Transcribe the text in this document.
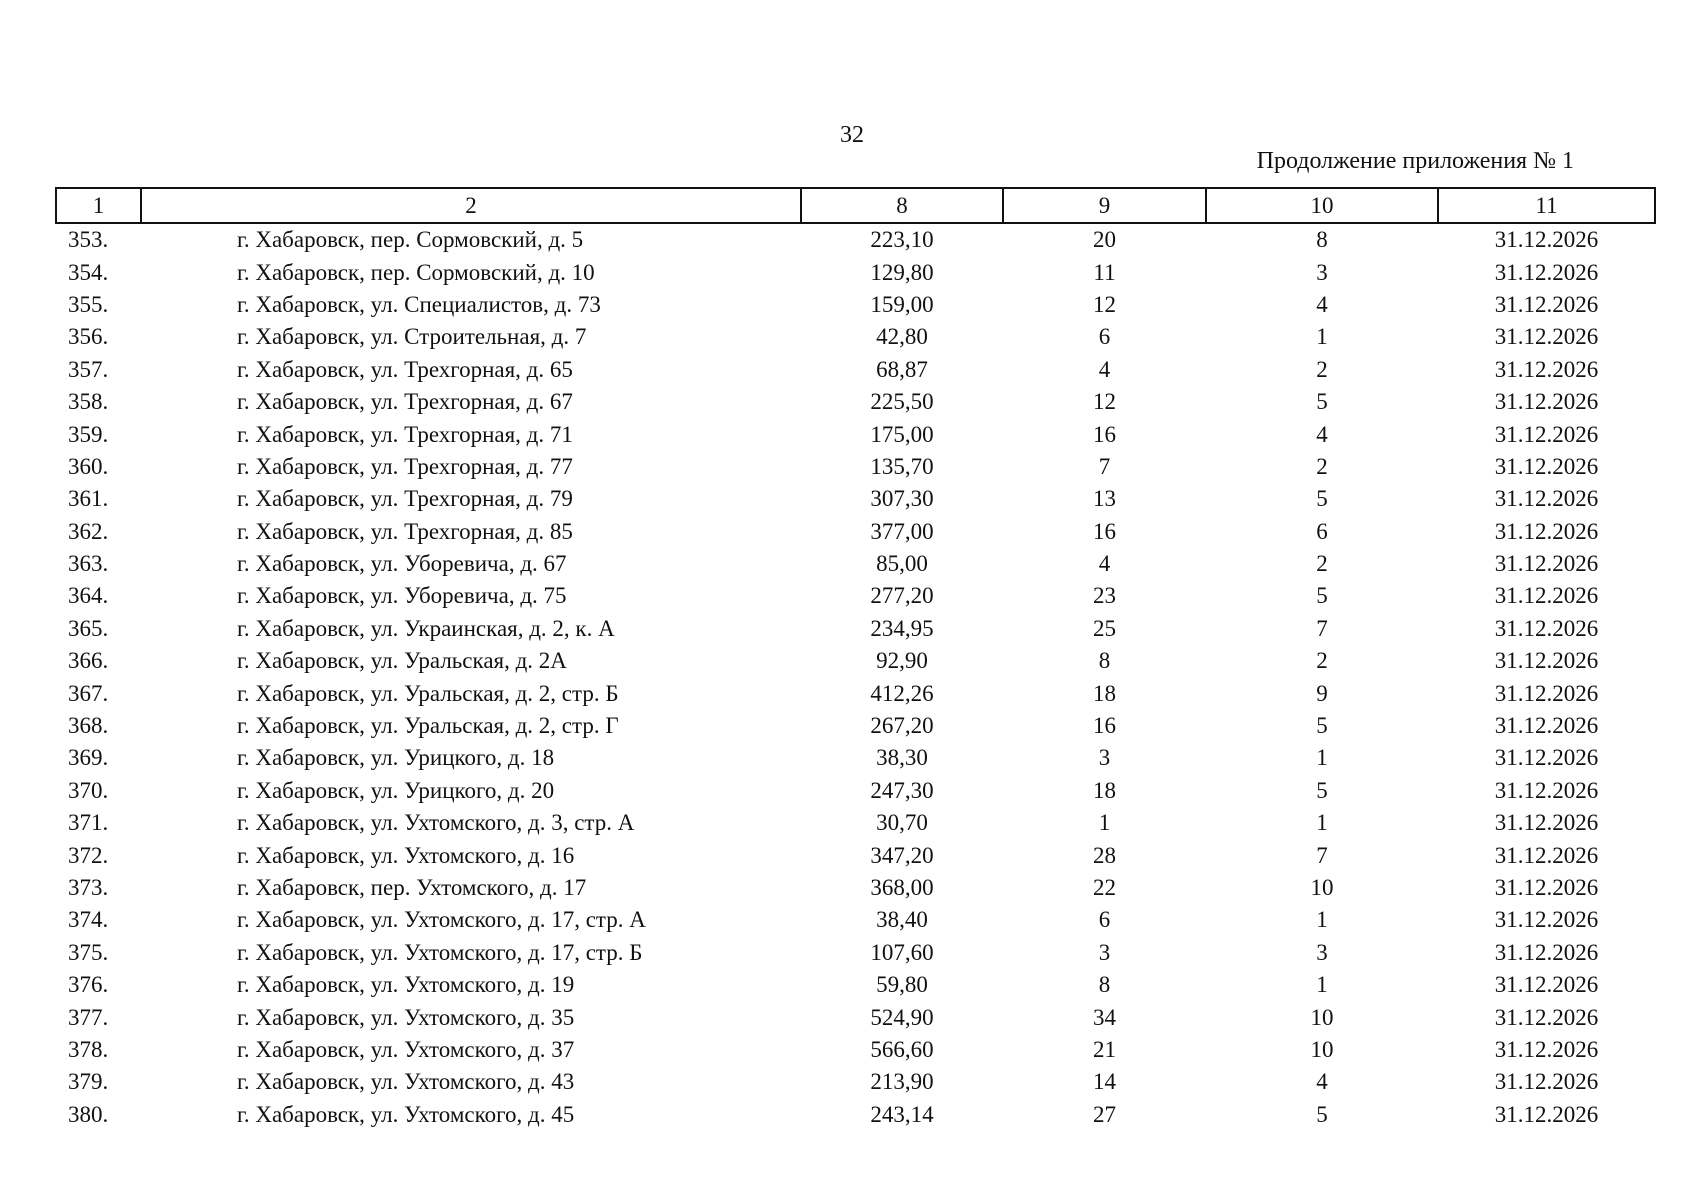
32
Продолжение приложения № 1
1	2	8	9	10	11
353.	г. Хабаровск, пер. Сормовский, д. 5	223,10	20	8	31.12.2026
354.	г. Хабаровск, пер. Сормовский, д. 10	129,80	11	3	31.12.2026
355.	г. Хабаровск, ул. Специалистов, д. 73	159,00	12	4	31.12.2026
356.	г. Хабаровск, ул. Строительная, д. 7	42,80	6	1	31.12.2026
357.	г. Хабаровск, ул. Трехгорная, д. 65	68,87	4	2	31.12.2026
358.	г. Хабаровск, ул. Трехгорная, д. 67	225,50	12	5	31.12.2026
359.	г. Хабаровск, ул. Трехгорная, д. 71	175,00	16	4	31.12.2026
360.	г. Хабаровск, ул. Трехгорная, д. 77	135,70	7	2	31.12.2026
361.	г. Хабаровск, ул. Трехгорная, д. 79	307,30	13	5	31.12.2026
362.	г. Хабаровск, ул. Трехгорная, д. 85	377,00	16	6	31.12.2026
363.	г. Хабаровск, ул. Уборевича, д. 67	85,00	4	2	31.12.2026
364.	г. Хабаровск, ул. Уборевича, д. 75	277,20	23	5	31.12.2026
365.	г. Хабаровск, ул. Украинская, д. 2, к. А	234,95	25	7	31.12.2026
366.	г. Хабаровск, ул. Уральская, д. 2А	92,90	8	2	31.12.2026
367.	г. Хабаровск, ул. Уральская, д. 2, стр. Б	412,26	18	9	31.12.2026
368.	г. Хабаровск, ул. Уральская, д. 2, стр. Г	267,20	16	5	31.12.2026
369.	г. Хабаровск, ул. Урицкого, д. 18	38,30	3	1	31.12.2026
370.	г. Хабаровск, ул. Урицкого, д. 20	247,30	18	5	31.12.2026
371.	г. Хабаровск, ул. Ухтомского, д. 3, стр. А	30,70	1	1	31.12.2026
372.	г. Хабаровск, ул. Ухтомского, д. 16	347,20	28	7	31.12.2026
373.	г. Хабаровск, пер. Ухтомского, д. 17	368,00	22	10	31.12.2026
374.	г. Хабаровск, ул. Ухтомского, д. 17, стр. А	38,40	6	1	31.12.2026
375.	г. Хабаровск, ул. Ухтомского, д. 17, стр. Б	107,60	3	3	31.12.2026
376.	г. Хабаровск, ул. Ухтомского, д. 19	59,80	8	1	31.12.2026
377.	г. Хабаровск, ул. Ухтомского, д. 35	524,90	34	10	31.12.2026
378.	г. Хабаровск, ул. Ухтомского, д. 37	566,60	21	10	31.12.2026
379.	г. Хабаровск, ул. Ухтомского, д. 43	213,90	14	4	31.12.2026
380.	г. Хабаровск, ул. Ухтомского, д. 45	243,14	27	5	31.12.2026
